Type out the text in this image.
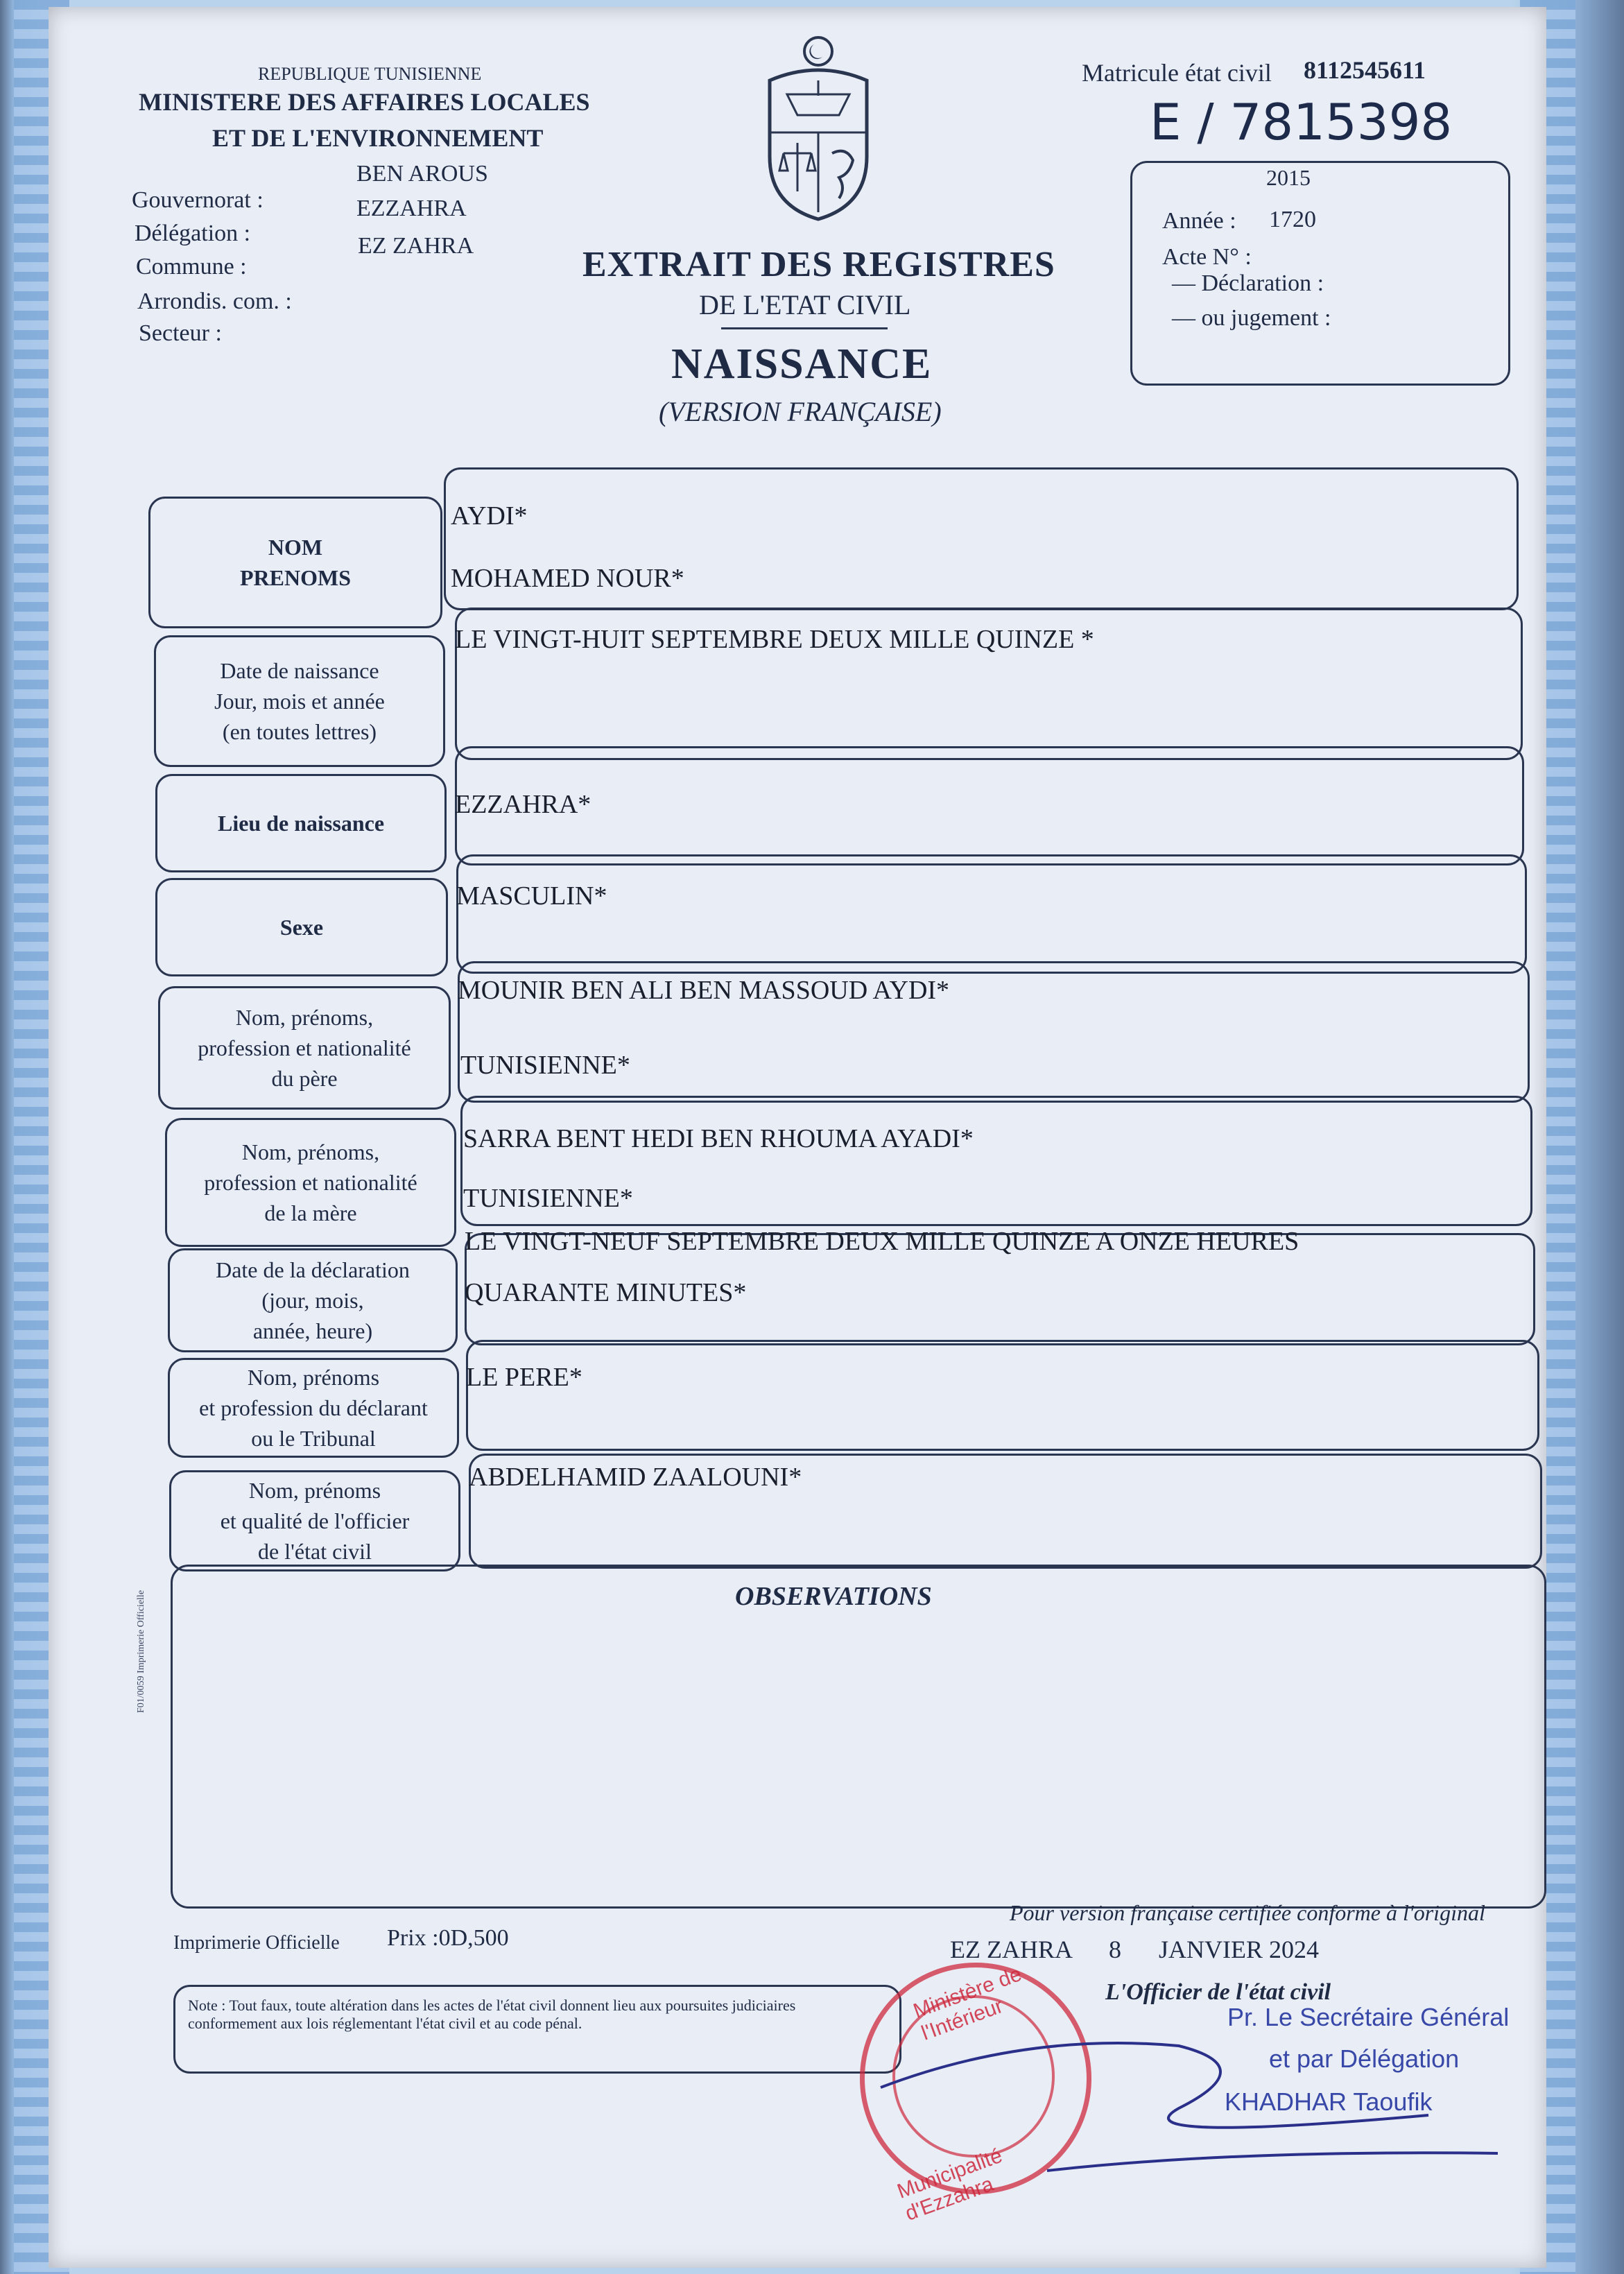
REPUBLIQUE TUNISIENNE
MINISTERE DES AFFAIRES LOCALES
ET DE L'ENVIRONNEMENT
Gouvernorat :
BEN AROUS
Délégation :
EZZAHRA
Commune :
EZ ZAHRA
Arrondis. com. :
Secteur :
EXTRAIT DES REGISTRES
DE L'ETAT CIVIL
NAISSANCE
(VERSION FRANÇAISE)
Matricule état civil 8112545611
E / 7815398
2015
Année : 1720
Acte N° :
— Déclaration :
— ou jugement :
NOM
PRENOMS
AYDI*
MOHAMED NOUR*
Date de naissance
Jour, mois et année
(en toutes lettres)
LE VINGT-HUIT SEPTEMBRE DEUX MILLE QUINZE *
Lieu de naissance
EZZAHRA*
Sexe
MASCULIN*
Nom, prénoms,
profession et nationalité
du père
MOUNIR BEN ALI BEN MASSOUD AYDI*
TUNISIENNE*
Nom, prénoms,
profession et nationalité
de la mère
SARRA BENT HEDI BEN RHOUMA AYADI*
TUNISIENNE*
Date de la déclaration
(jour, mois,
année, heure)
LE VINGT-NEUF SEPTEMBRE DEUX MILLE QUINZE A ONZE HEURES
QUARANTE MINUTES*
Nom, prénoms
et profession du déclarant
ou le Tribunal
LE PERE*
Nom, prénoms
et qualité de l'officier
de l'état civil
ABDELHAMID ZAALOUNI*
OBSERVATIONS
F01/0059 Imprimerie Officielle
Imprimerie Officielle Prix :0D,500
Pour version française certifiée conforme à l'original
EZ ZAHRA      8      JANVIER 2024
L'Officier de l'état civil
Note : Tout faux, toute altération dans les actes de l'état civil donnent lieu aux poursuites judiciaires conformement aux lois réglementant l'état civil et au code pénal.
Ministère de l'Intérieur
Municipalité d'Ezzahra
Pr. Le Secrétaire Général
et par Délégation
KHADHAR Taoufik
